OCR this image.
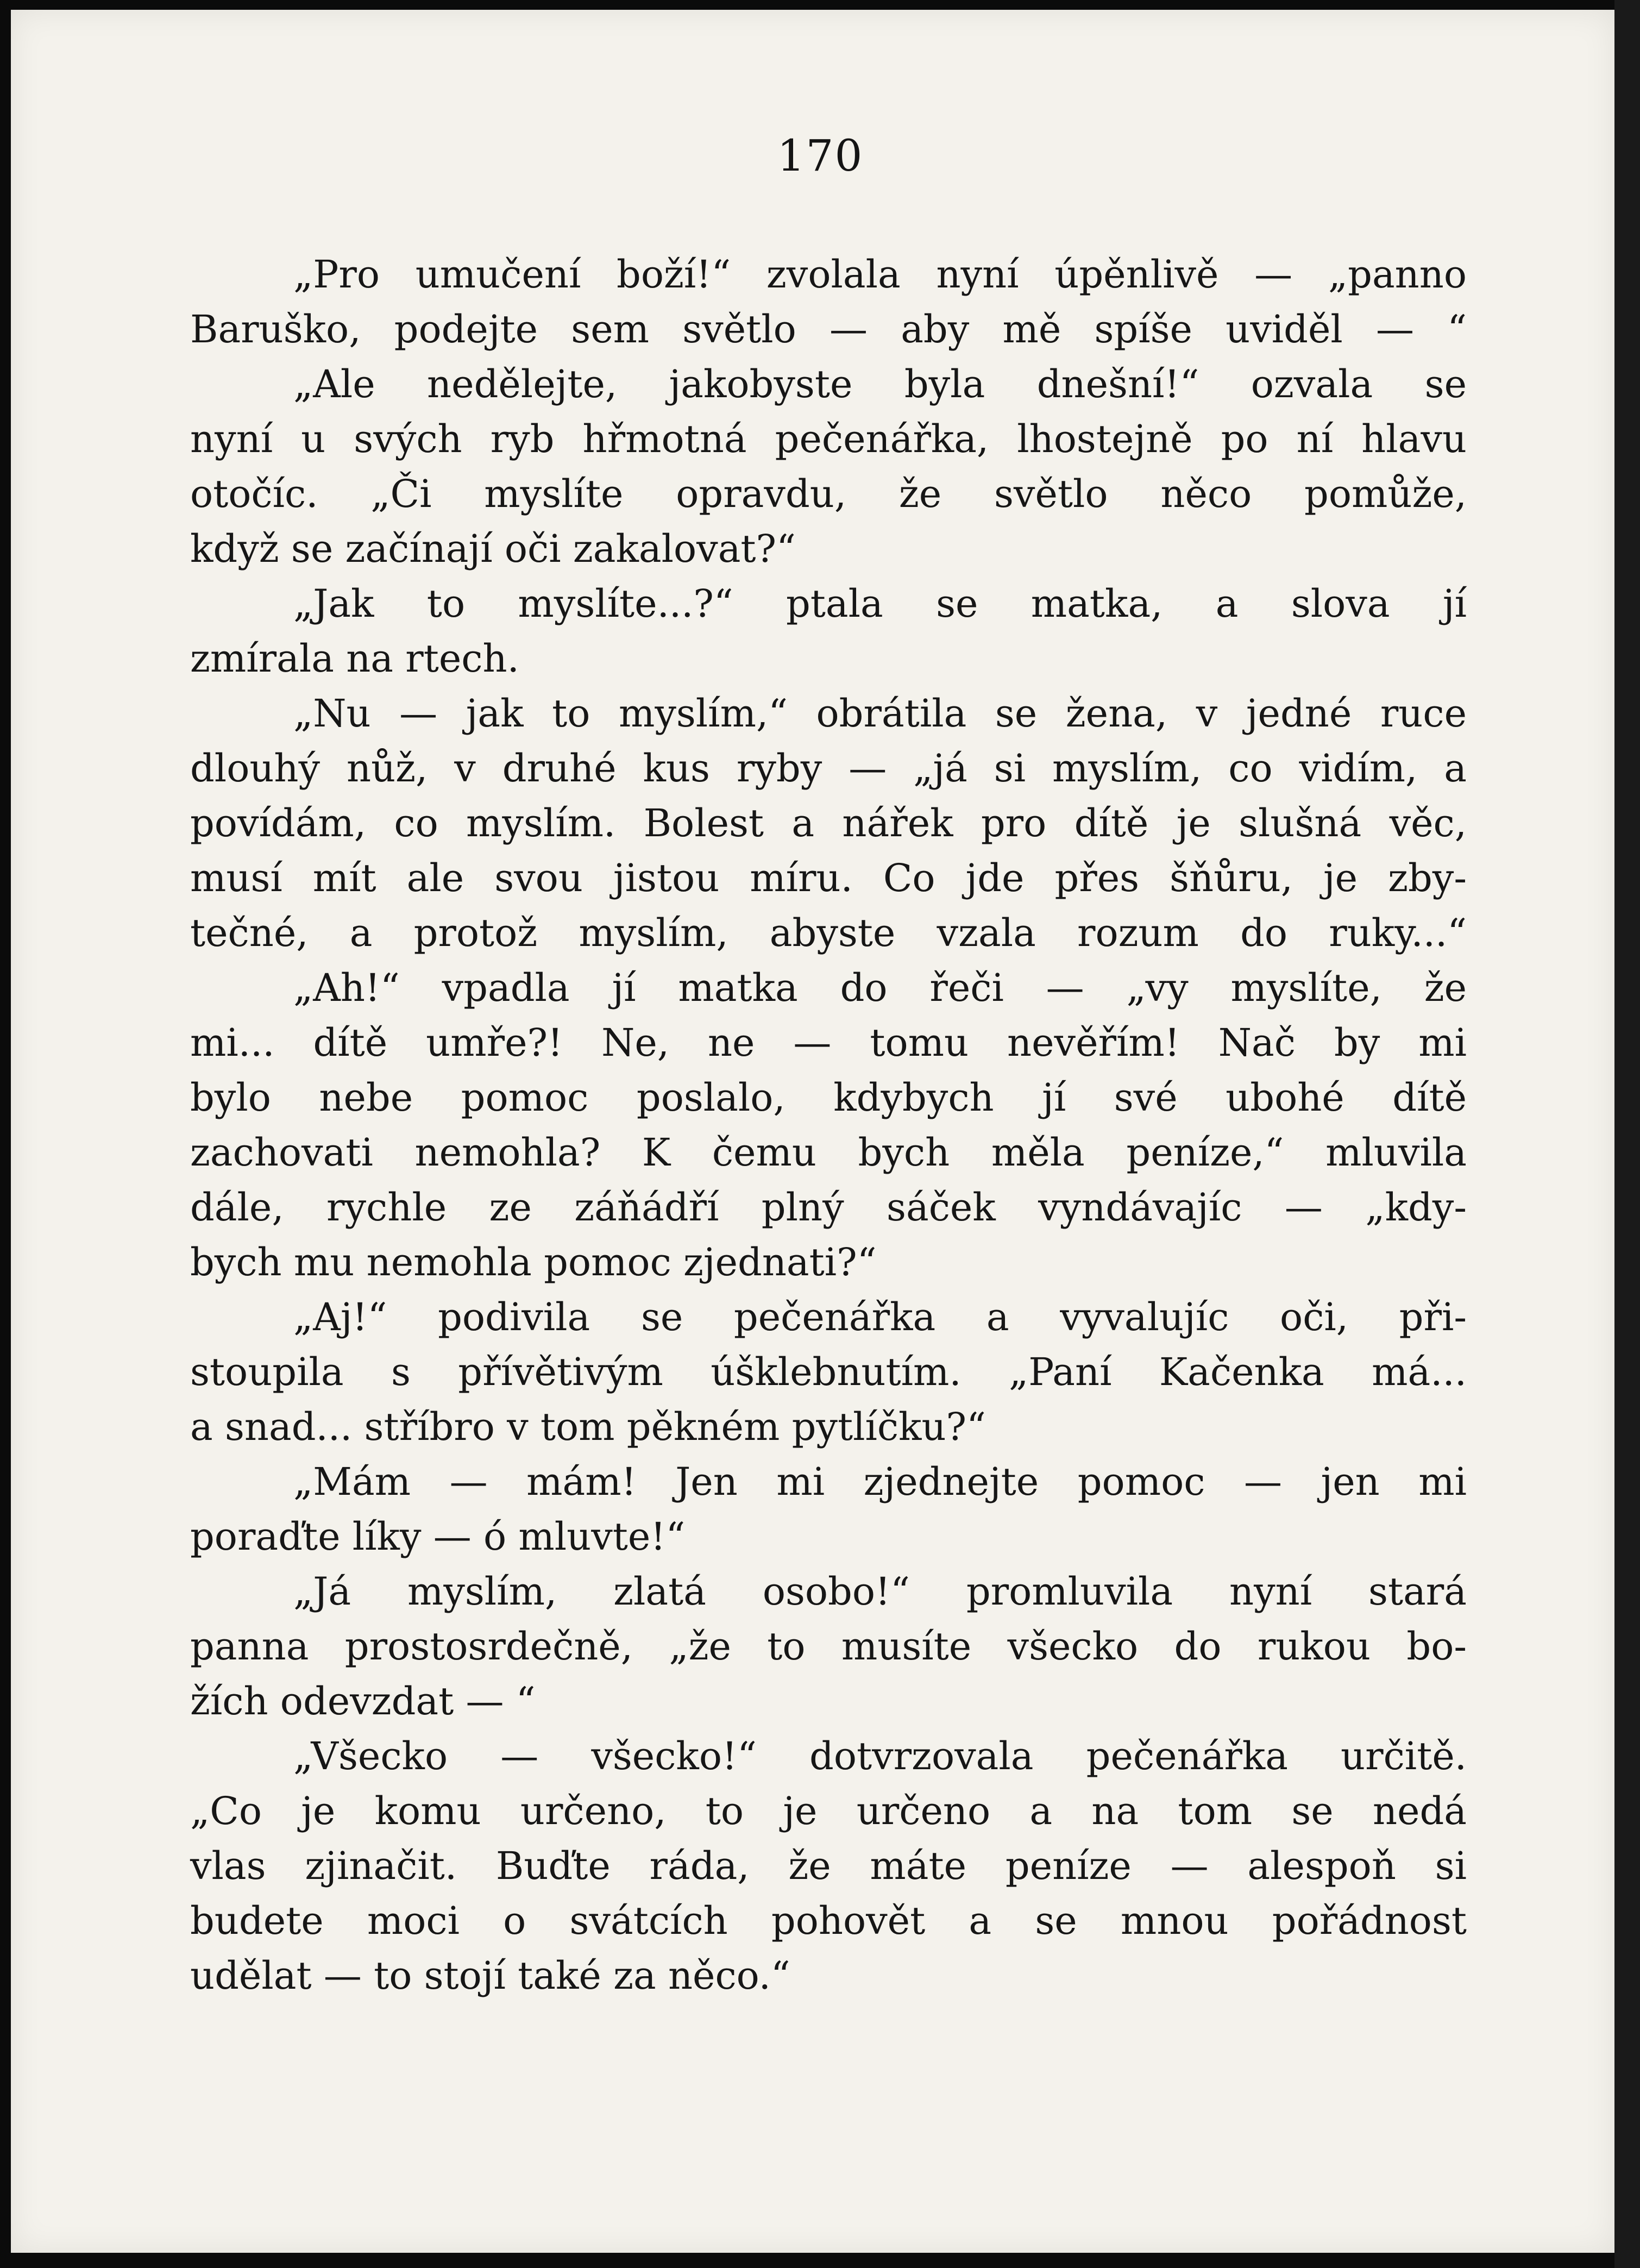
170
„Pro umučení boží!“ zvolala nyní úpěnlivě — „panno
Baruško, podejte sem světlo — aby mě spíše uviděl — “
„Ale nedělejte, jakobyste byla dnešní!“ ozvala se
nyní u svých ryb hřmotná pečenářka, lhostejně po ní hlavu
otočíc. „Či myslíte opravdu, že světlo něco pomůže,
když se začínají oči zakalovat?“
„Jak to myslíte...?“ ptala se matka, a slova jí
zmírala na rtech.
„Nu — jak to myslím,“ obrátila se žena, v jedné ruce
dlouhý nůž, v druhé kus ryby — „já si myslím, co vidím, a
povídám, co myslím. Bolest a nářek pro dítě je slušná věc,
musí mít ale svou jistou míru. Co jde přes šňůru, je zby-
tečné, a protož myslím, abyste vzala rozum do ruky...“
„Ah!“ vpadla jí matka do řeči — „vy myslíte, že
mi... dítě umře?! Ne, ne — tomu nevěřím! Nač by mi
bylo nebe pomoc poslalo, kdybych jí své ubohé dítě
zachovati nemohla? K čemu bych měla peníze,“ mluvila
dále, rychle ze záňádří plný sáček vyndávajíc — „kdy-
bych mu nemohla pomoc zjednati?“
„Aj!“ podivila se pečenářka a vyvalujíc oči, při-
stoupila s přívětivým úšklebnutím. „Paní Kačenka má...
a snad... stříbro v tom pěkném pytlíčku?“
„Mám — mám! Jen mi zjednejte pomoc — jen mi
poraďte líky — ó mluvte!“
„Já myslím, zlatá osobo!“ promluvila nyní stará
panna prostosrdečně, „že to musíte všecko do rukou bo-
žích odevzdat — “
„Všecko — všecko!“ dotvrzovala pečenářka určitě.
„Co je komu určeno, to je určeno a na tom se nedá
vlas zjinačit. Buďte ráda, že máte peníze — alespoň si
budete moci o svátcích pohovět a se mnou pořádnost
udělat — to stojí také za něco.“
